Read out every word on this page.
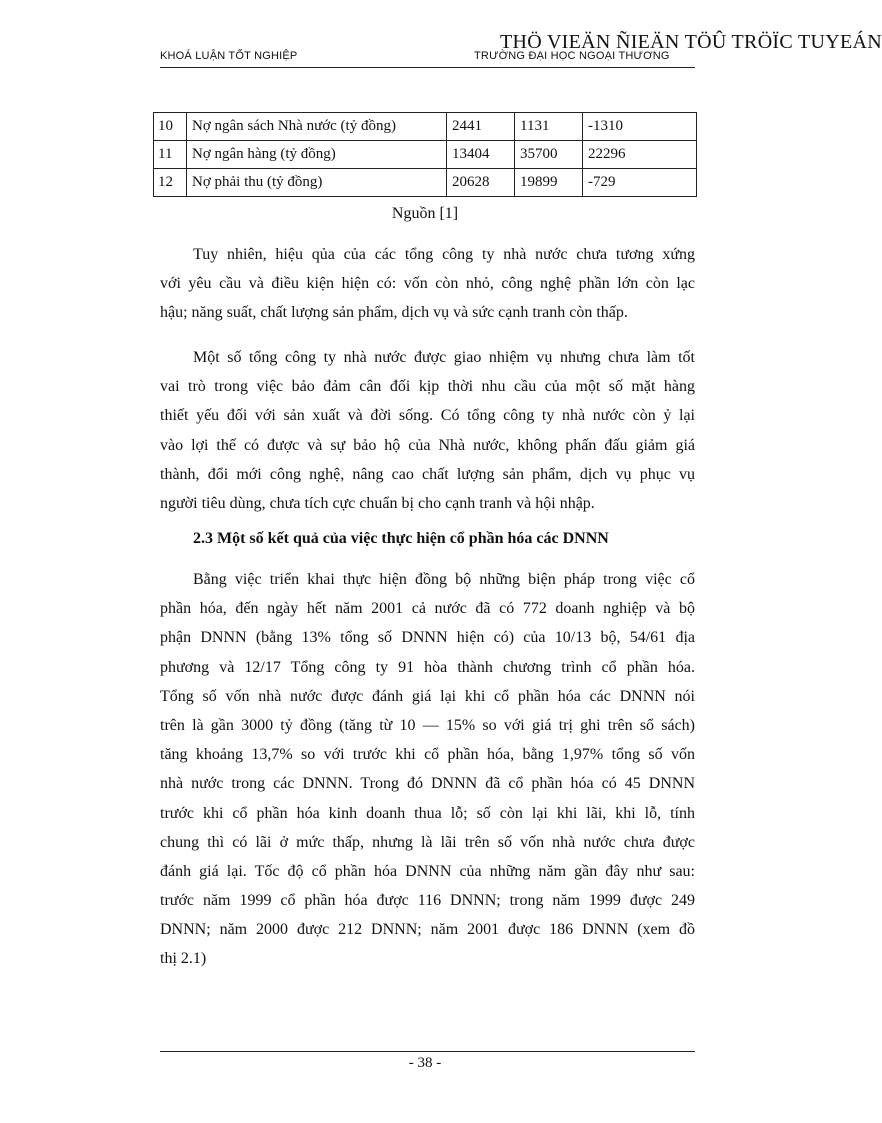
KHOÁ LUẬN TỐT NGHIỆP	TRƯỜNG ĐẠI HỌC NGOẠI THƯƠNG
THÖ VIEÄN ÑIEÄN TÖÛ TRÖÏC TUYEÁN
10	Nợ ngân sách Nhà nước (tỷ đồng)	2441	1131	-1310
11	Nợ ngân hàng (tỷ đồng)	13404	35700	22296
12	Nợ phải thu (tỷ đồng)	20628	19899	-729
Nguồn [1]
Tuy nhiên, hiệu qủa của các tổng công ty nhà nước chưa tương xứng
với yêu cầu và điều kiện hiện có: vốn còn nhỏ, công nghệ phần lớn còn lạc
hậu; năng suất, chất lượng sản phẩm, dịch vụ và sức cạnh tranh còn thấp.
Một số tổng công ty nhà nước được giao nhiệm vụ nhưng chưa làm tốt
vai trò trong việc bảo đảm cân đối kịp thời nhu cầu của một số mặt hàng
thiết yếu đối với sản xuất và đời sống. Có tổng công ty nhà nước còn ỷ lại
vào lợi thế có được và sự bảo hộ của Nhà nước, không phấn đấu giảm giá
thành, đổi mới công nghệ, nâng cao chất lượng sản phẩm, dịch vụ phục vụ
người tiêu dùng, chưa tích cực chuẩn bị cho cạnh tranh và hội nhập.
2.3 Một số kết quả của việc thực hiện cổ phần hóa các DNNN
Bằng việc triển khai thực hiện đồng bộ những biện pháp trong việc cổ
phần hóa, đến ngày hết năm 2001 cả nước đã có 772 doanh nghiệp và bộ
phận DNNN (bằng 13% tổng số DNNN hiện có) của 10/13 bộ, 54/61 địa
phương và 12/17 Tổng công ty 91 hòa thành chương trình cổ phần hóa.
Tổng số vốn nhà nước được đánh giá lại khi cổ phần hóa các DNNN nói
trên là gần 3000 tỷ đồng (tăng từ 10 — 15% so với giá trị ghi trên sổ sách)
tăng khoảng 13,7% so với trước khi cổ phần hóa, bằng 1,97% tổng số vốn
nhà nước trong các DNNN. Trong đó DNNN đã cổ phần hóa có 45 DNNN
trước khi cổ phần hóa kinh doanh thua lỗ; số còn lại khi lãi, khi lỗ, tính
chung thì có lãi ở mức thấp, nhưng là lãi trên số vốn nhà nước chưa được
đánh giá lại. Tốc độ cổ phần hóa DNNN của những năm gần đây như sau:
trước năm 1999 cổ phần hóa được 116 DNNN; trong năm 1999 được 249
DNNN; năm 2000 được 212 DNNN; năm 2001 được 186 DNNN (xem đồ
thị 2.1)
- 38 -
